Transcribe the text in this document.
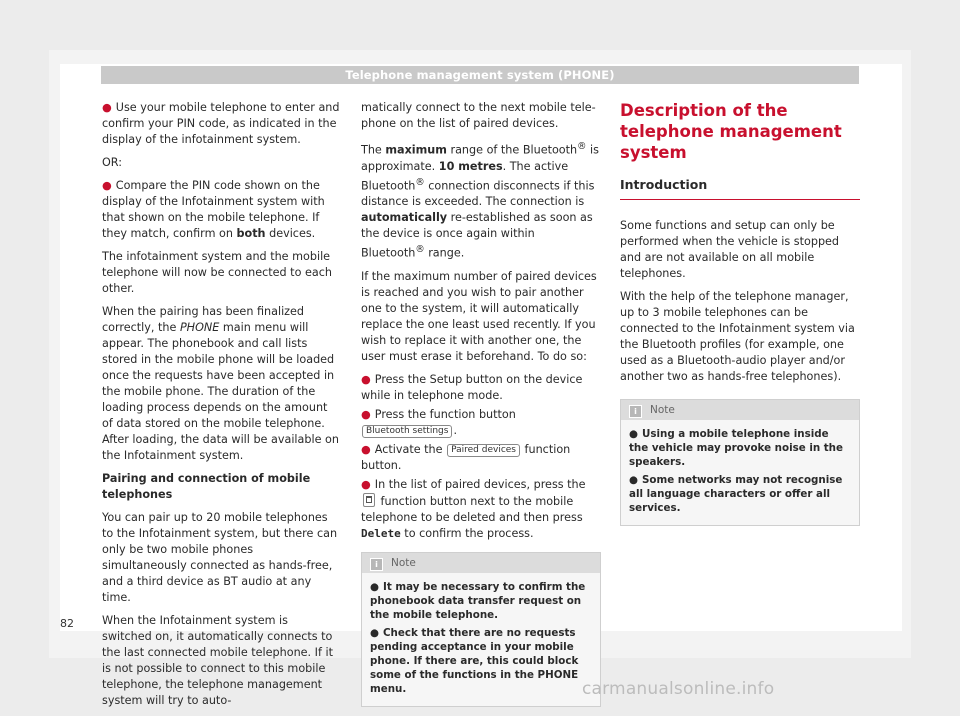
Telephone management system (PHONE)

● Use your mobile telephone to enter and confirm your PIN code, as indicated in the display of the infotainment system.

OR:

● Compare the PIN code shown on the display of the Infotainment system with that shown on the mobile telephone. If they match, confirm on both devices.

The infotainment system and the mobile telephone will now be connected to each other.

When the pairing has been finalized correctly, the PHONE main menu will appear. The phonebook and call lists stored in the mobile phone will be loaded once the requests have been accepted in the mobile phone. The duration of the loading process depends on the amount of data stored on the mobile telephone. After loading, the data will be available on the Infotainment system.

Pairing and connection of mobile telephones

You can pair up to 20 mobile telephones to the Infotainment system, but there can only be two mobile phones simultaneously connected as hands-free, and a third device as BT audio at any time.

When the Infotainment system is switched on, it automatically connects to the last connected mobile telephone. If it is not possible to connect to this mobile telephone, the telephone management system will try to auto-

matically connect to the next mobile telephone on the list of paired devices.

The maximum range of the Bluetooth® is approximate. 10 metres. The active Bluetooth® connection disconnects if this distance is exceeded. The connection is automatically re-established as soon as the device is once again within Bluetooth® range.

If the maximum number of paired devices is reached and you wish to pair another one to the system, it will automatically replace the one least used recently. If you wish to replace it with another one, the user must erase it beforehand. To do so:

● Press the Setup button on the device while in telephone mode.

● Press the function button Bluetooth settings .

● Activate the Paired devices function button.

● In the list of paired devices, press the  function button next to the mobile telephone to be deleted and then press Delete to confirm the process.

i Note

● It may be necessary to confirm the phonebook data transfer request on the mobile telephone.

● Check that there are no requests pending acceptance in your mobile phone. If there are, this could block some of the functions in the PHONE menu.

Description of the telephone management system
Introduction

Some functions and setup can only be performed when the vehicle is stopped and are not available on all mobile telephones.

With the help of the telephone manager, up to 3 mobile telephones can be connected to the Infotainment system via the Bluetooth profiles (for example, one used as a Bluetooth-audio player and/or another two as hands-free telephones).

i Note

● Using a mobile telephone inside the vehicle may provoke noise in the speakers.

● Some networks may not recognise all language characters or offer all services.

82
carmanualsonline.info
